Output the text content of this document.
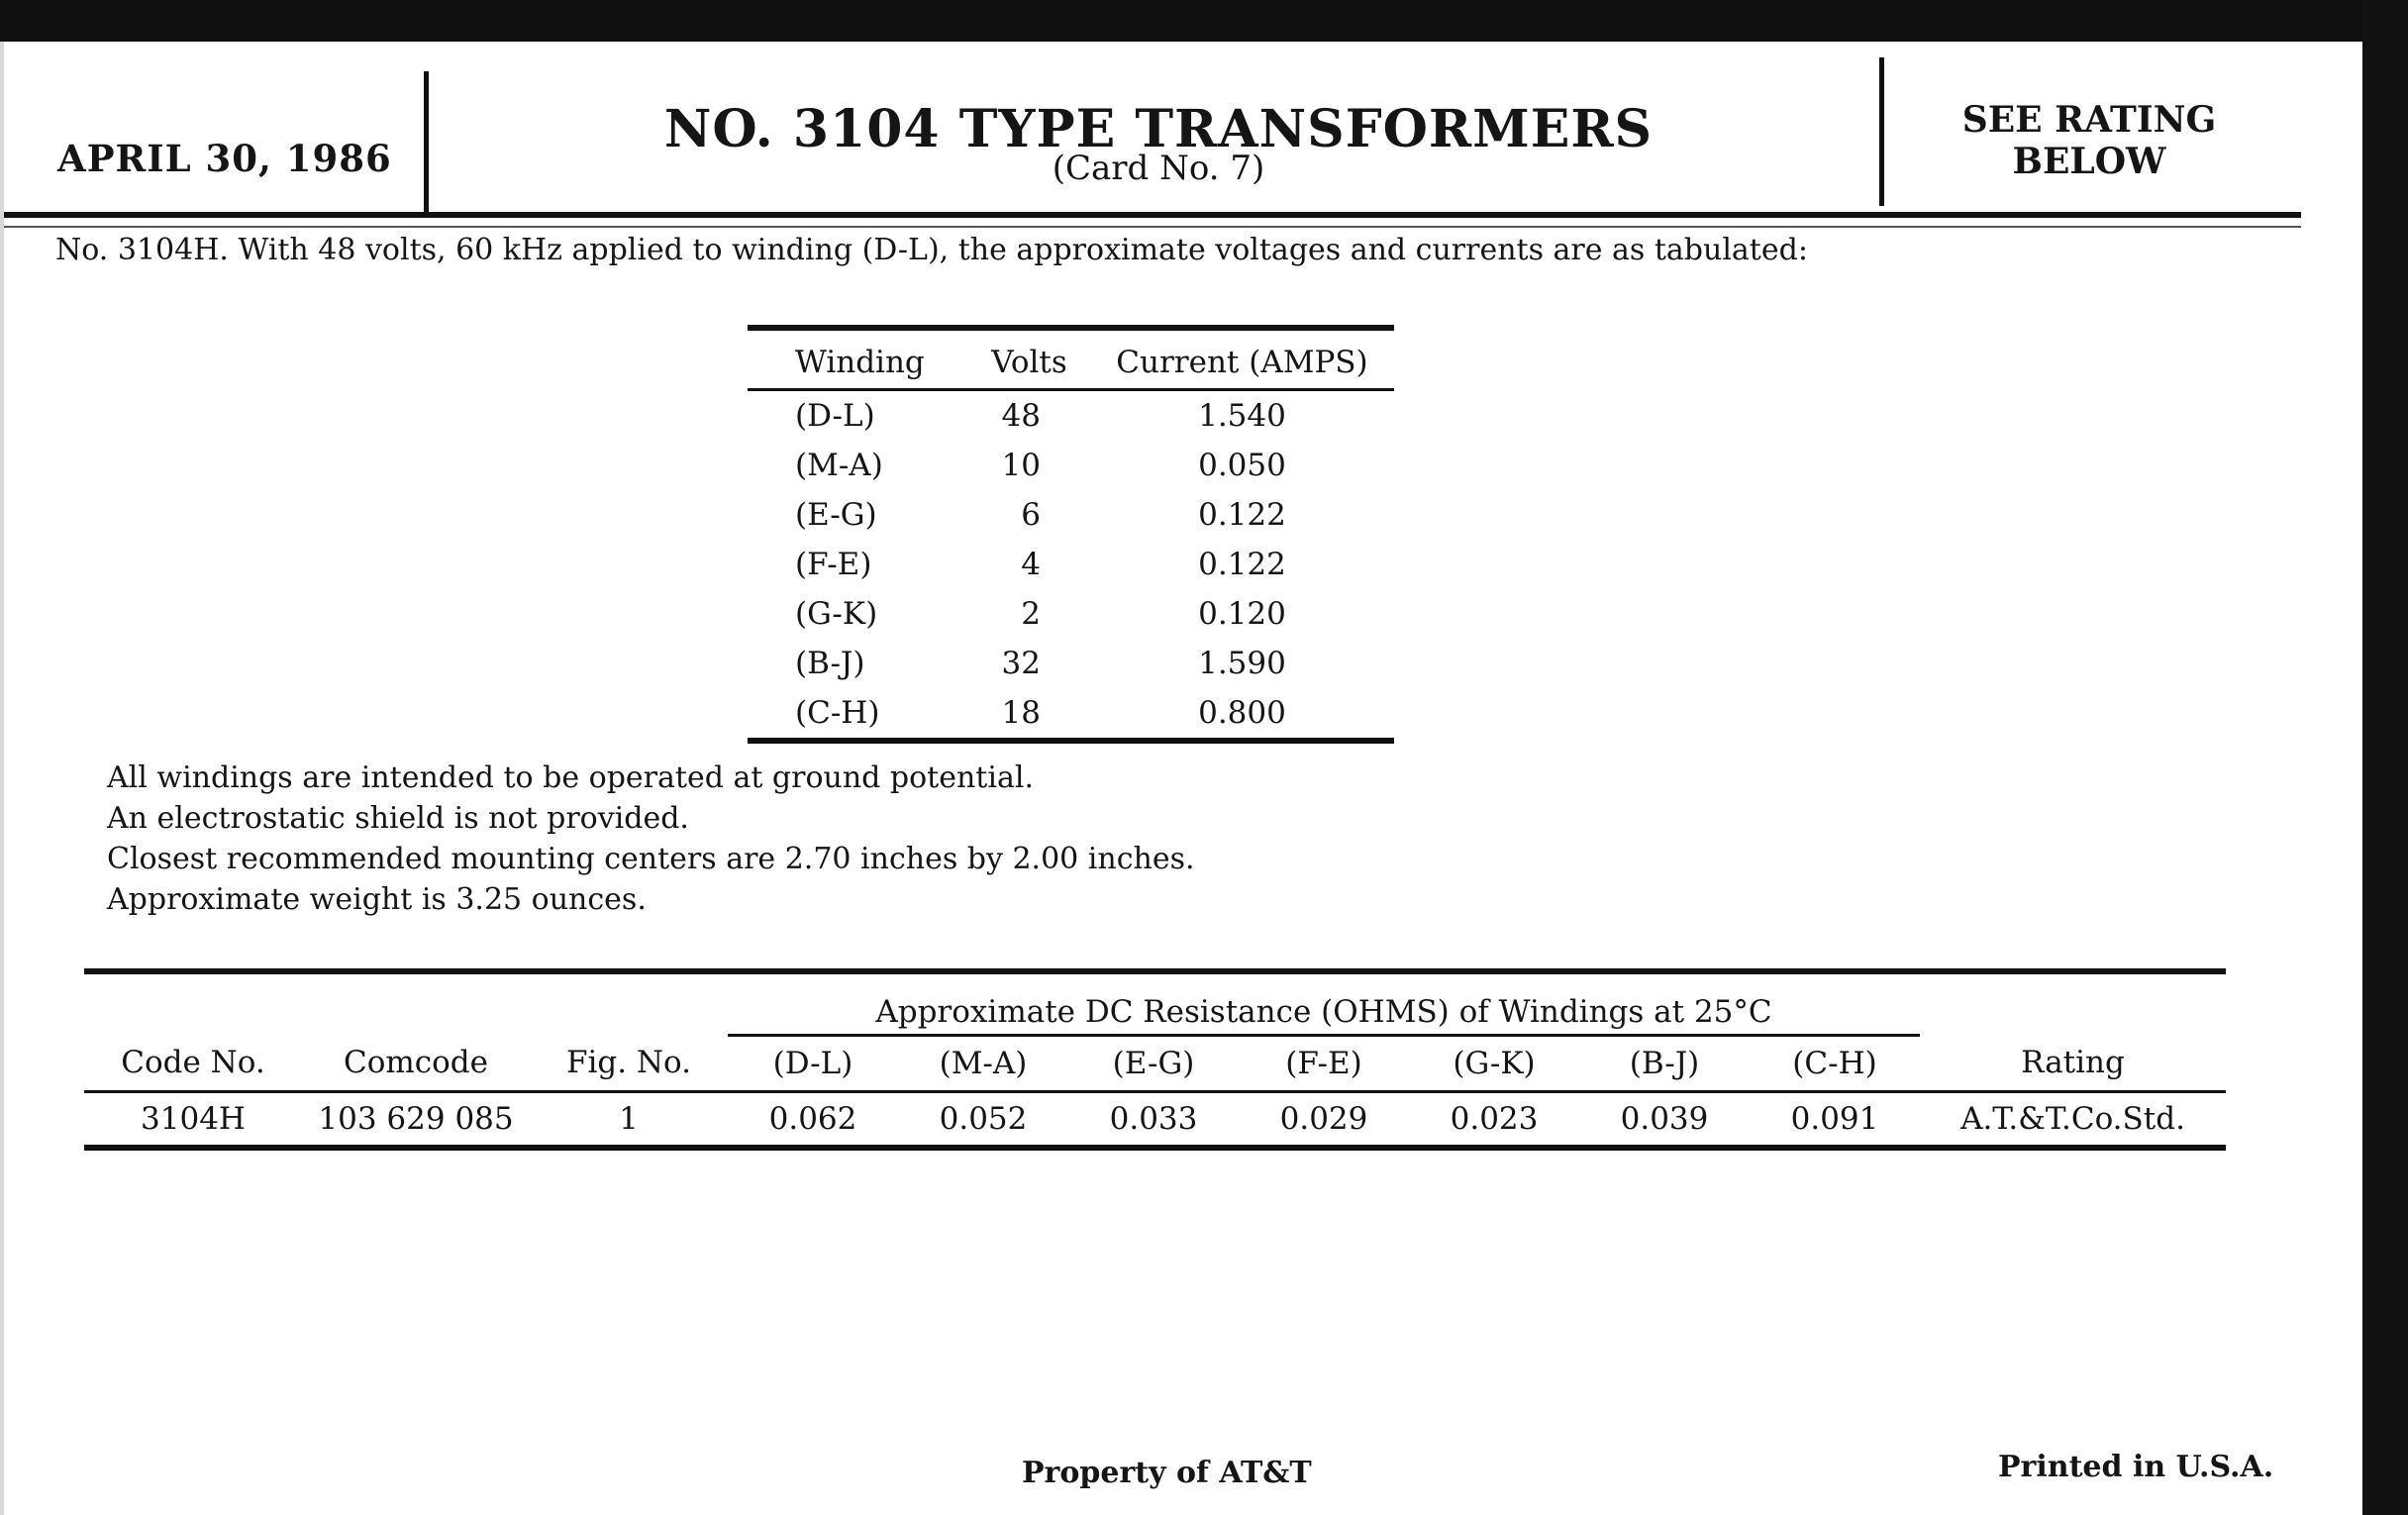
APRIL 30, 1986	NO. 3104 TYPE TRANSFORMERS
(Card No. 7)
SEE RATING
BELOW
No. 3104H. With 48 volts, 60 kHz applied to winding (D-L), the approximate voltages and currents are as tabulated:
Winding	Volts	Current (AMPS)
(D-L)	48	1.540
(M-A)	10	0.050
(E-G)	6	0.122
(F-E)	4	0.122
(G-K)	2	0.120
(B-J)	32	1.590
(C-H)	18	0.800
All windings are intended to be operated at ground potential.
An electrostatic shield is not provided.
Closest recommended mounting centers are 2.70 inches by 2.00 inches.
Approximate weight is 3.25 ounces.
			Approximate DC Resistance (OHMS) of Windings at 25°C							
Code No.	Comcode	Fig. No.	(D-L)	(M-A)	(E-G)	(F-E)	(G-K)	(B-J)	(C-H)	Rating
3104H	103 629 085	1	0.062	0.052	0.033	0.029	0.023	0.039	0.091	A.T.&T.Co.Std.
Property of AT&T	Printed in U.S.A.
